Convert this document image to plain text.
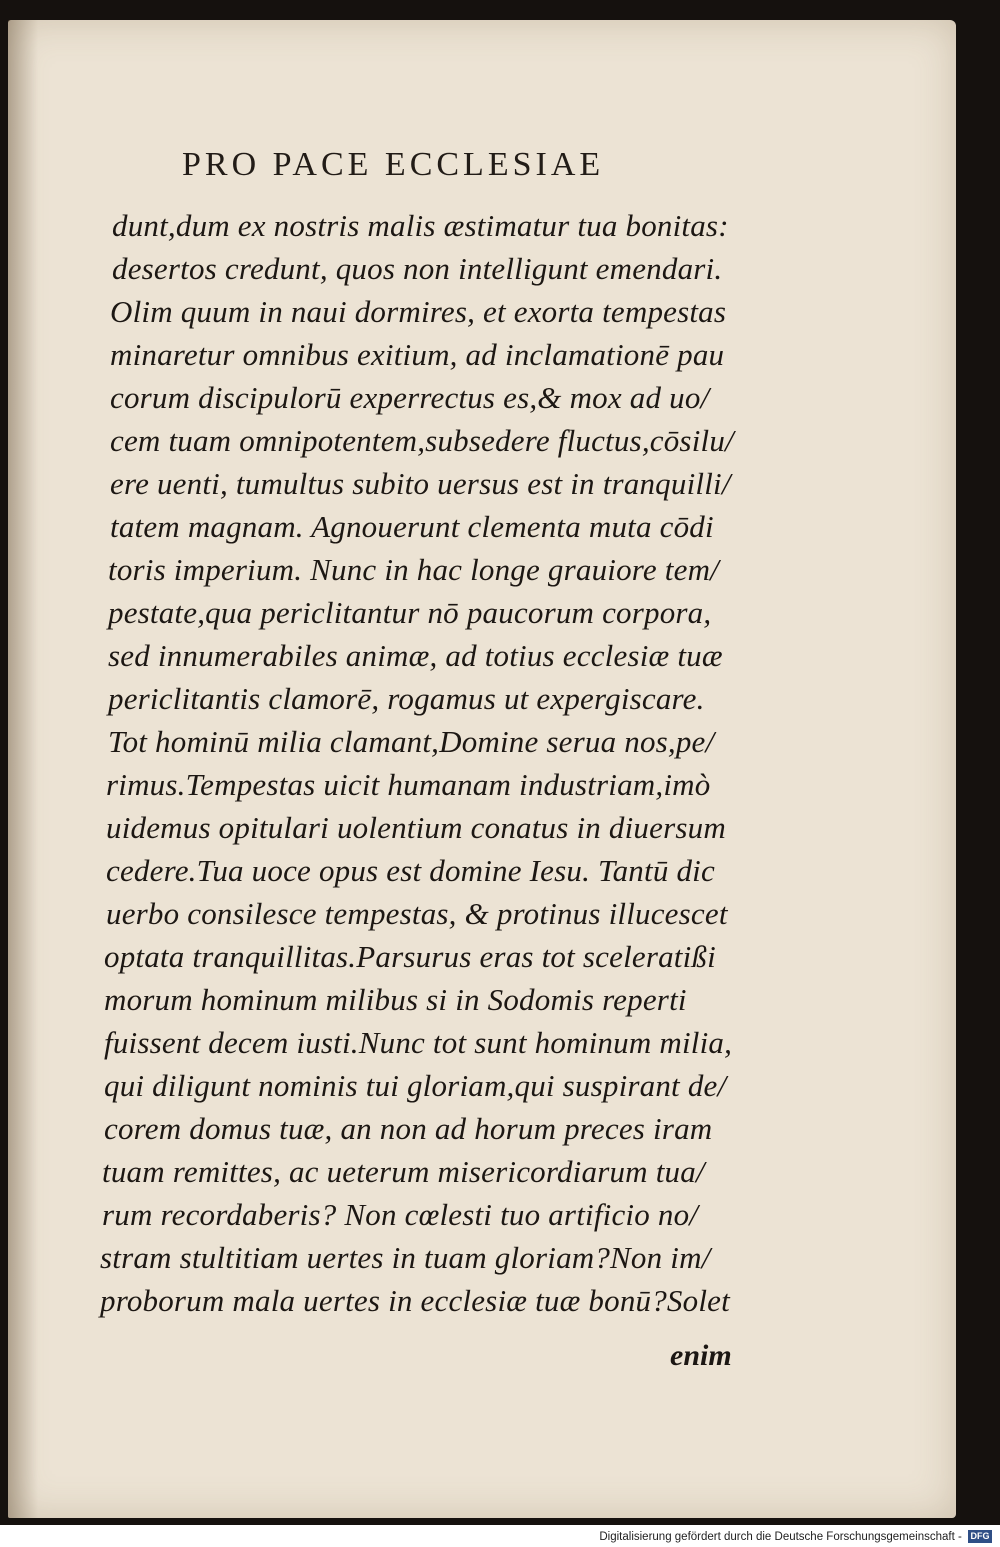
PRO PACE ECCLESIAE
dunt,dum ex nostris malis æstimatur tua bonitas:
desertos credunt, quos non intelligunt emendari.
Olim quum in naui dormires, et exorta tempestas
minaretur omnibus exitium, ad inclamationē pau
corum discipulorū experrectus es,& mox ad uo/
cem tuam omnipotentem,subsedere fluctus,cōsilu/
ere uenti, tumultus subito uersus est in tranquilli/
tatem magnam. Agnouerunt clementa muta cōdi
toris imperium. Nunc in hac longe grauiore tem/
pestate,qua periclitantur nō paucorum corpora,
sed innumerabiles animæ, ad totius ecclesiæ tuæ
periclitantis clamorē, rogamus ut expergiscare.
Tot hominū milia clamant,Domine serua nos,pe/
rimus.Tempestas uicit humanam industriam,imò
uidemus opitulari uolentium conatus in diuersum
cedere.Tua uoce opus est domine Iesu. Tantū dic
uerbo consilesce tempestas, & protinus illucescet
optata tranquillitas.Parsurus eras tot sceleratißi
morum hominum milibus si in Sodomis reperti
fuissent decem iusti.Nunc tot sunt hominum milia,
qui diligunt nominis tui gloriam,qui suspirant de/
corem domus tuæ, an non ad horum preces iram
tuam remittes, ac ueterum misericordiarum tua/
rum recordaberis? Non cœlesti tuo artificio no/
stram stultitiam uertes in tuam gloriam?Non im/
proborum mala uertes in ecclesiæ tuæ bonū?Solet
enim
Digitalisierung gefördert durch die Deutsche Forschungsgemeinschaft - DFG
